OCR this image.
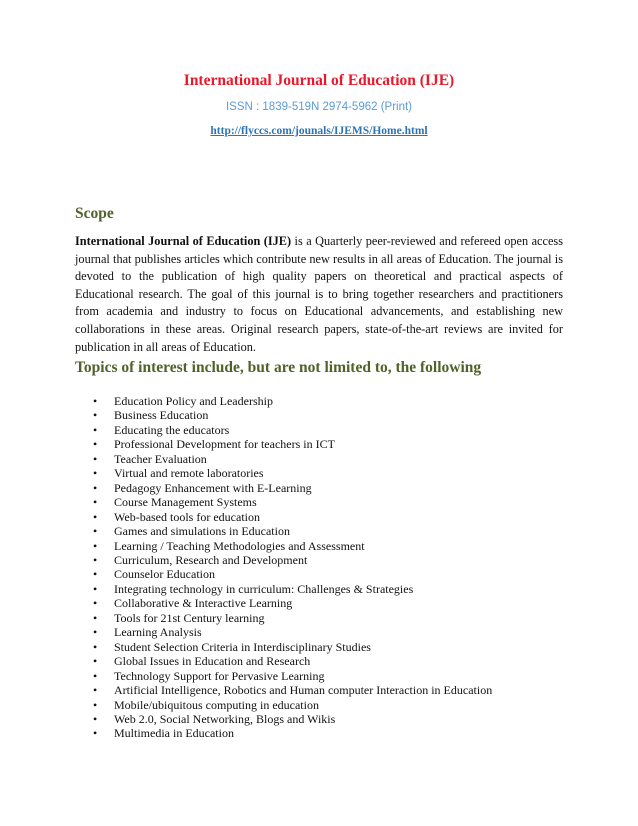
International Journal of Education (IJE)
ISSN : 1839-519N 2974-5962 (Print)
http://flyccs.com/jounals/IJEMS/Home.html
Scope
International Journal of Education (IJE) is a Quarterly peer-reviewed and refereed open access journal that publishes articles which contribute new results in all areas of Education. The journal is devoted to the publication of high quality papers on theoretical and practical aspects of Educational research. The goal of this journal is to bring together researchers and practitioners from academia and industry to focus on Educational advancements, and establishing new collaborations in these areas. Original research papers, state-of-the-art reviews are invited for publication in all areas of Education.
Topics of interest include, but are not limited to, the following
• Education Policy and Leadership
• Business Education
• Educating the educators
• Professional Development for teachers in ICT
• Teacher Evaluation
• Virtual and remote laboratories
• Pedagogy Enhancement with E-Learning
• Course Management Systems
• Web-based tools for education
• Games and simulations in Education
• Learning / Teaching Methodologies and Assessment
• Curriculum, Research and Development
• Counselor Education
• Integrating technology in curriculum: Challenges & Strategies
• Collaborative & Interactive Learning
• Tools for 21st Century learning
• Learning Analysis
• Student Selection Criteria in Interdisciplinary Studies
• Global Issues in Education and Research
• Technology Support for Pervasive Learning
• Artificial Intelligence, Robotics and Human computer Interaction in Education
• Mobile/ubiquitous computing in education
• Web 2.0, Social Networking, Blogs and Wikis
• Multimedia in Education
